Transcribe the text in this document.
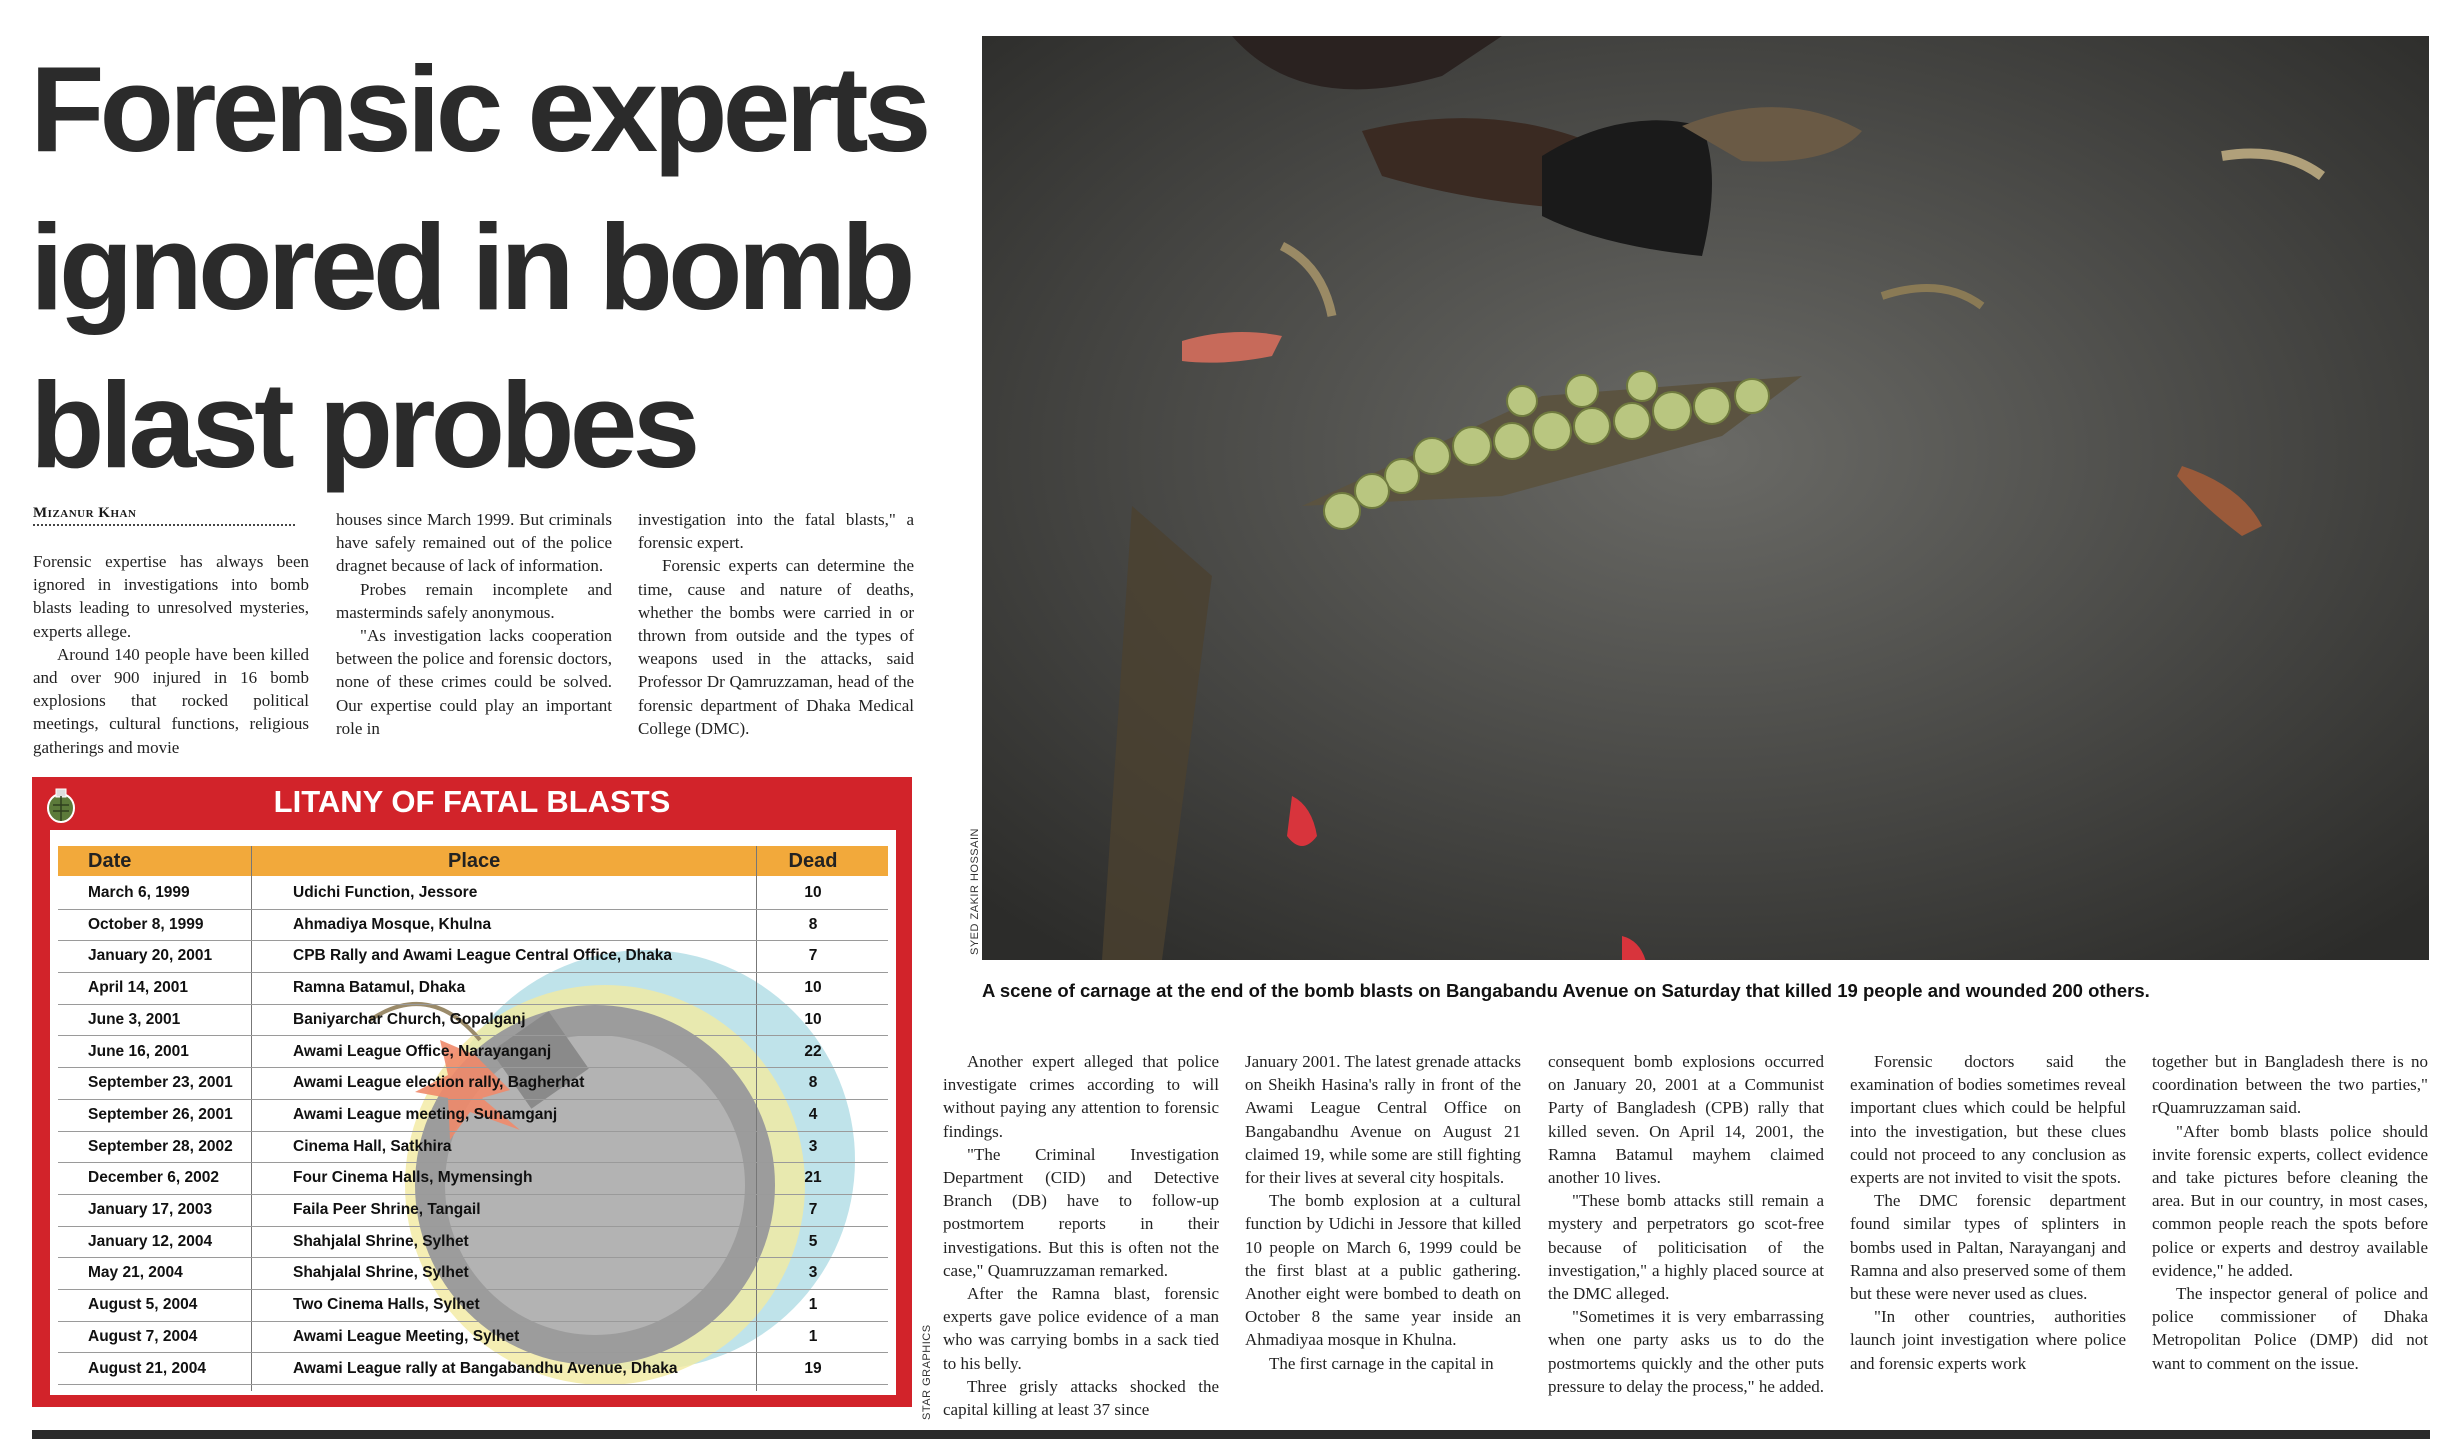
Forensic experts
ignored in bomb
blast probes
Mizanur Khan

Forensic expertise has always been ignored in investigations into bomb blasts leading to unresolved mysteries, experts allege.

Around 140 people have been killed and over 900 injured in 16 bomb explosions that rocked political meetings, cultural functions, religious gatherings and movie

houses since March 1999. But criminals have safely remained out of the police dragnet because of lack of information.

Probes remain incomplete and masterminds safely anonymous.

"As investigation lacks cooperation between the police and forensic doctors, none of these crimes could be solved. Our expertise could play an important role in

investigation into the fatal blasts," a forensic expert.

Forensic experts can determine the time, cause and nature of deaths, whether the bombs were carried in or thrown from outside and the types of weapons used in the attacks, said Professor Dr Qamruzzaman, head of the forensic department of Dhaka Medical College (DMC).

LITANY OF FATAL BLASTS
Date	Place	Dead
March 6, 1999	Udichi Function, Jessore	10
October 8, 1999	Ahmadiya Mosque, Khulna	8
January 20, 2001	CPB Rally and Awami League Central Office, Dhaka	7
April 14, 2001	Ramna Batamul, Dhaka	10
June 3, 2001	Baniyarchar Church, Gopalganj	10
June 16, 2001	Awami League Office, Narayanganj	22
September 23, 2001	Awami League election rally, Bagherhat	8
September 26, 2001	Awami League meeting, Sunamganj	4
September 28, 2002	Cinema Hall, Satkhira	3
December 6, 2002	Four Cinema Halls, Mymensingh	21
January 17, 2003	Faila Peer Shrine, Tangail	7
January 12, 2004	Shahjalal Shrine, Sylhet	5
May 21, 2004	Shahjalal Shrine, Sylhet	3
August 5, 2004	Two Cinema Halls, Sylhet	1
August 7, 2004	Awami League Meeting, Sylhet	1
August 21, 2004	Awami League rally at Bangabandhu Avenue, Dhaka	19	STAR GRAPHICS
SYED ZAKIR HOSSAIN
A scene of carnage at the end of the bomb blasts on Bangabandu Avenue on Saturday that killed 19 people and wounded 200 others.

Another expert alleged that police investigate crimes according to will without paying any attention to forensic findings.

"The Criminal Investigation Department (CID) and Detective Branch (DB) have to follow-up postmortem reports in their investigations. But this is often not the case," Quamruzzaman remarked.

After the Ramna blast, forensic experts gave police evidence of a man who was carrying bombs in a sack tied to his belly.

Three grisly attacks shocked the capital killing at least 37 since

January 2001. The latest grenade attacks on Sheikh Hasina's rally in front of the Awami League Central Office on Bangabandhu Avenue on August 21 claimed 19, while some are still fighting for their lives at several city hospitals.

The bomb explosion at a cultural function by Udichi in Jessore that killed 10 people on March 6, 1999 could be the first blast at a public gathering. Another eight were bombed to death on October 8 the same year inside an Ahmadiyaa mosque in Khulna.

The first carnage in the capital in

consequent bomb explosions occurred on January 20, 2001 at a Communist Party of Bangladesh (CPB) rally that killed seven. On April 14, 2001, the Ramna Batamul mayhem claimed another 10 lives.

"These bomb attacks still remain a mystery and perpetrators go scot-free because of politicisation of the investigation," a highly placed source at the DMC alleged.

"Sometimes it is very embarrassing when one party asks us to do the postmortems quickly and the other puts pressure to delay the process," he added.

Forensic doctors said the examination of bodies sometimes reveal important clues which could be helpful into the investigation, but these clues could not proceed to any conclusion as experts are not invited to visit the spots.

The DMC forensic department found similar types of splinters in bombs used in Paltan, Narayanganj and Ramna and also preserved some of them but these were never used as clues.

"In other countries, authorities launch joint investigation where police and forensic experts work

together but in Bangladesh there is no coordination between the two parties," rQuamruzzaman said.

"After bomb blasts police should invite forensic experts, collect evidence and take pictures before cleaning the area. But in our country, in most cases, common people reach the spots before police or experts and destroy available evidence," he added.

The inspector general of police and police commissioner of Dhaka Metropolitan Police (DMP) did not want to comment on the issue.
